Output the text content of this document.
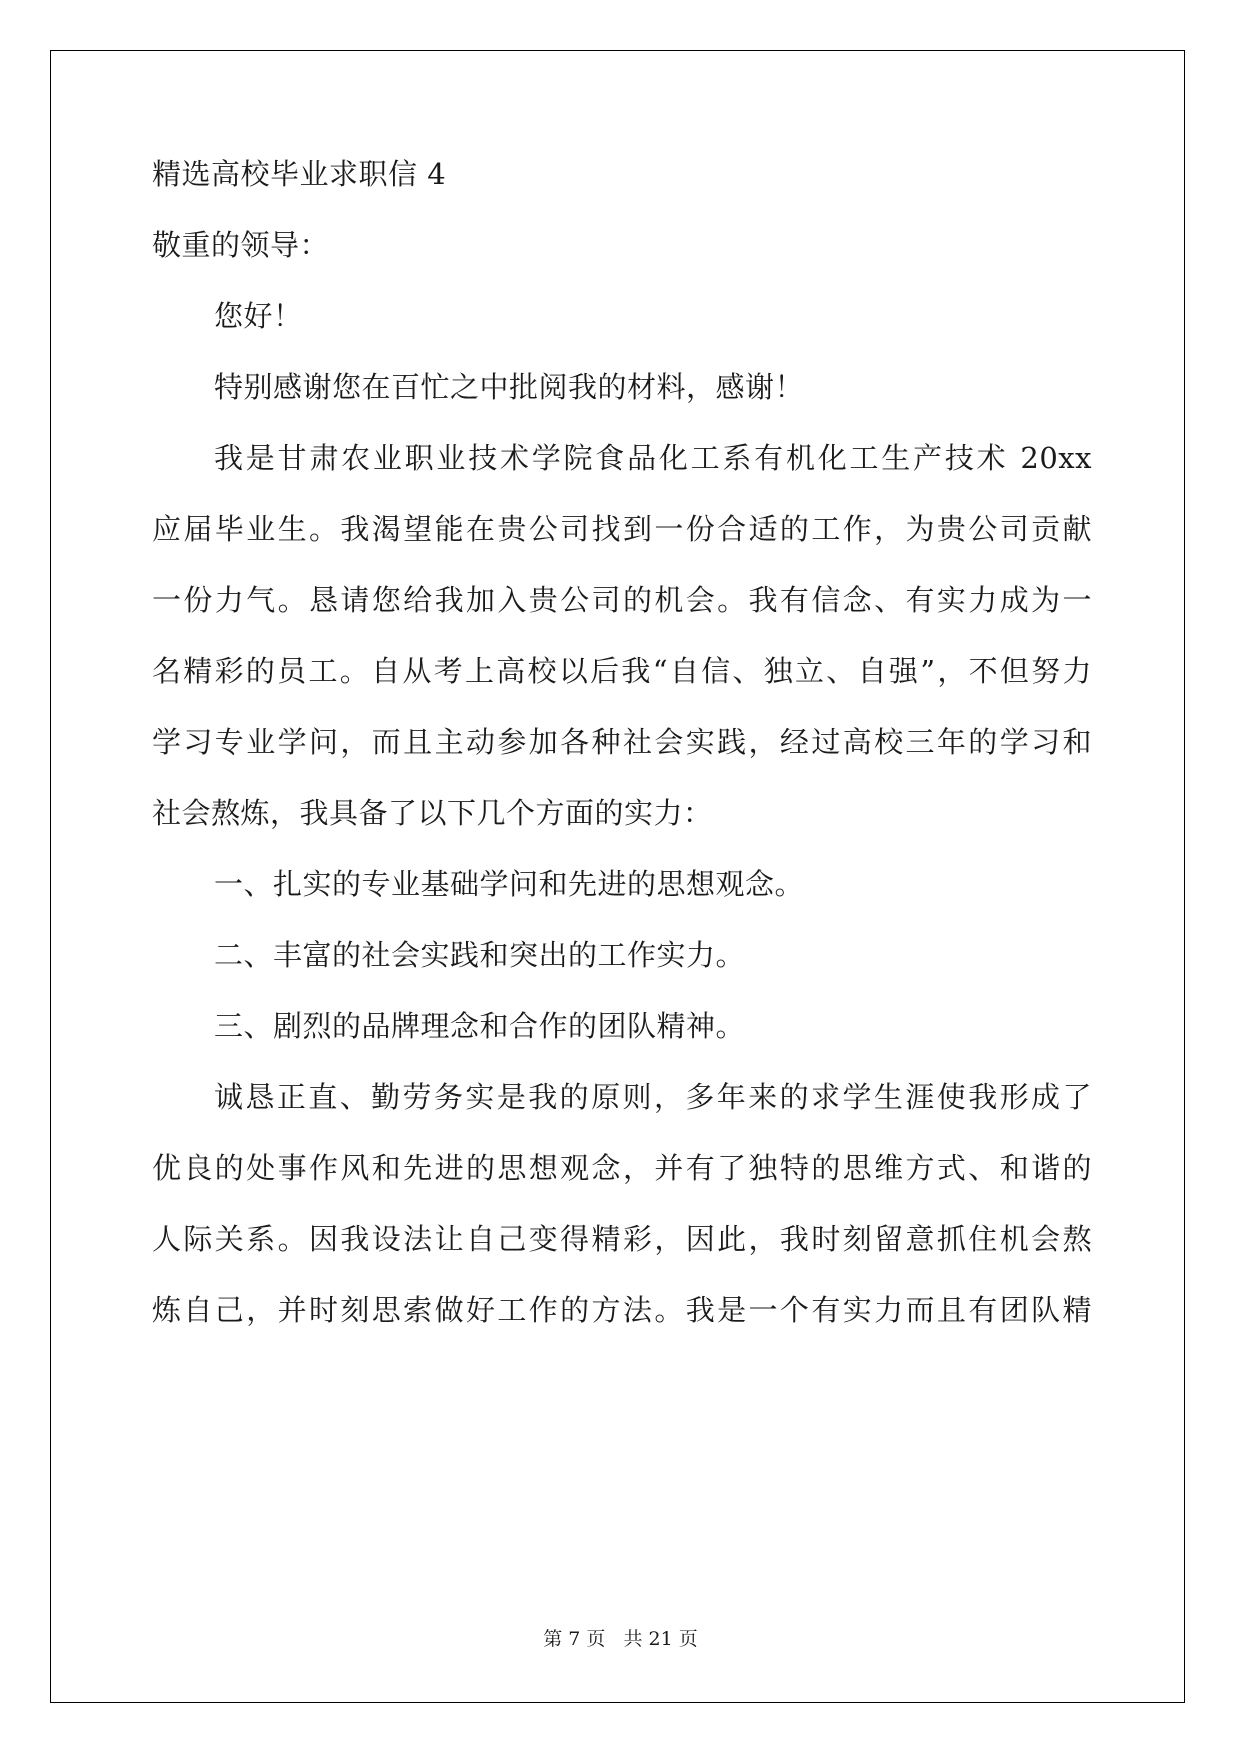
精选高校毕业求职信 4
敬重的领导：
您好！
特别感谢您在百忙之中批阅我的材料，感谢！
我是甘肃农业职业技术学院食品化工系有机化工生产技术 20xx
应届毕业生。我渴望能在贵公司找到一份合适的工作，为贵公司贡献
一份力气。恳请您给我加入贵公司的机会。我有信念、有实力成为一
名精彩的员工。自从考上高校以后我“自信、独立、自强”，不但努力
学习专业学问，而且主动参加各种社会实践，经过高校三年的学习和
社会熬炼，我具备了以下几个方面的实力：
一、扎实的专业基础学问和先进的思想观念。
二、丰富的社会实践和突出的工作实力。
三、剧烈的品牌理念和合作的团队精神。
诚恳正直、勤劳务实是我的原则，多年来的求学生涯使我形成了
优良的处事作风和先进的思想观念，并有了独特的思维方式、和谐的
人际关系。因我设法让自己变得精彩，因此，我时刻留意抓住机会熬
炼自己，并时刻思索做好工作的方法。我是一个有实力而且有团队精
第 7 页 共 21 页
